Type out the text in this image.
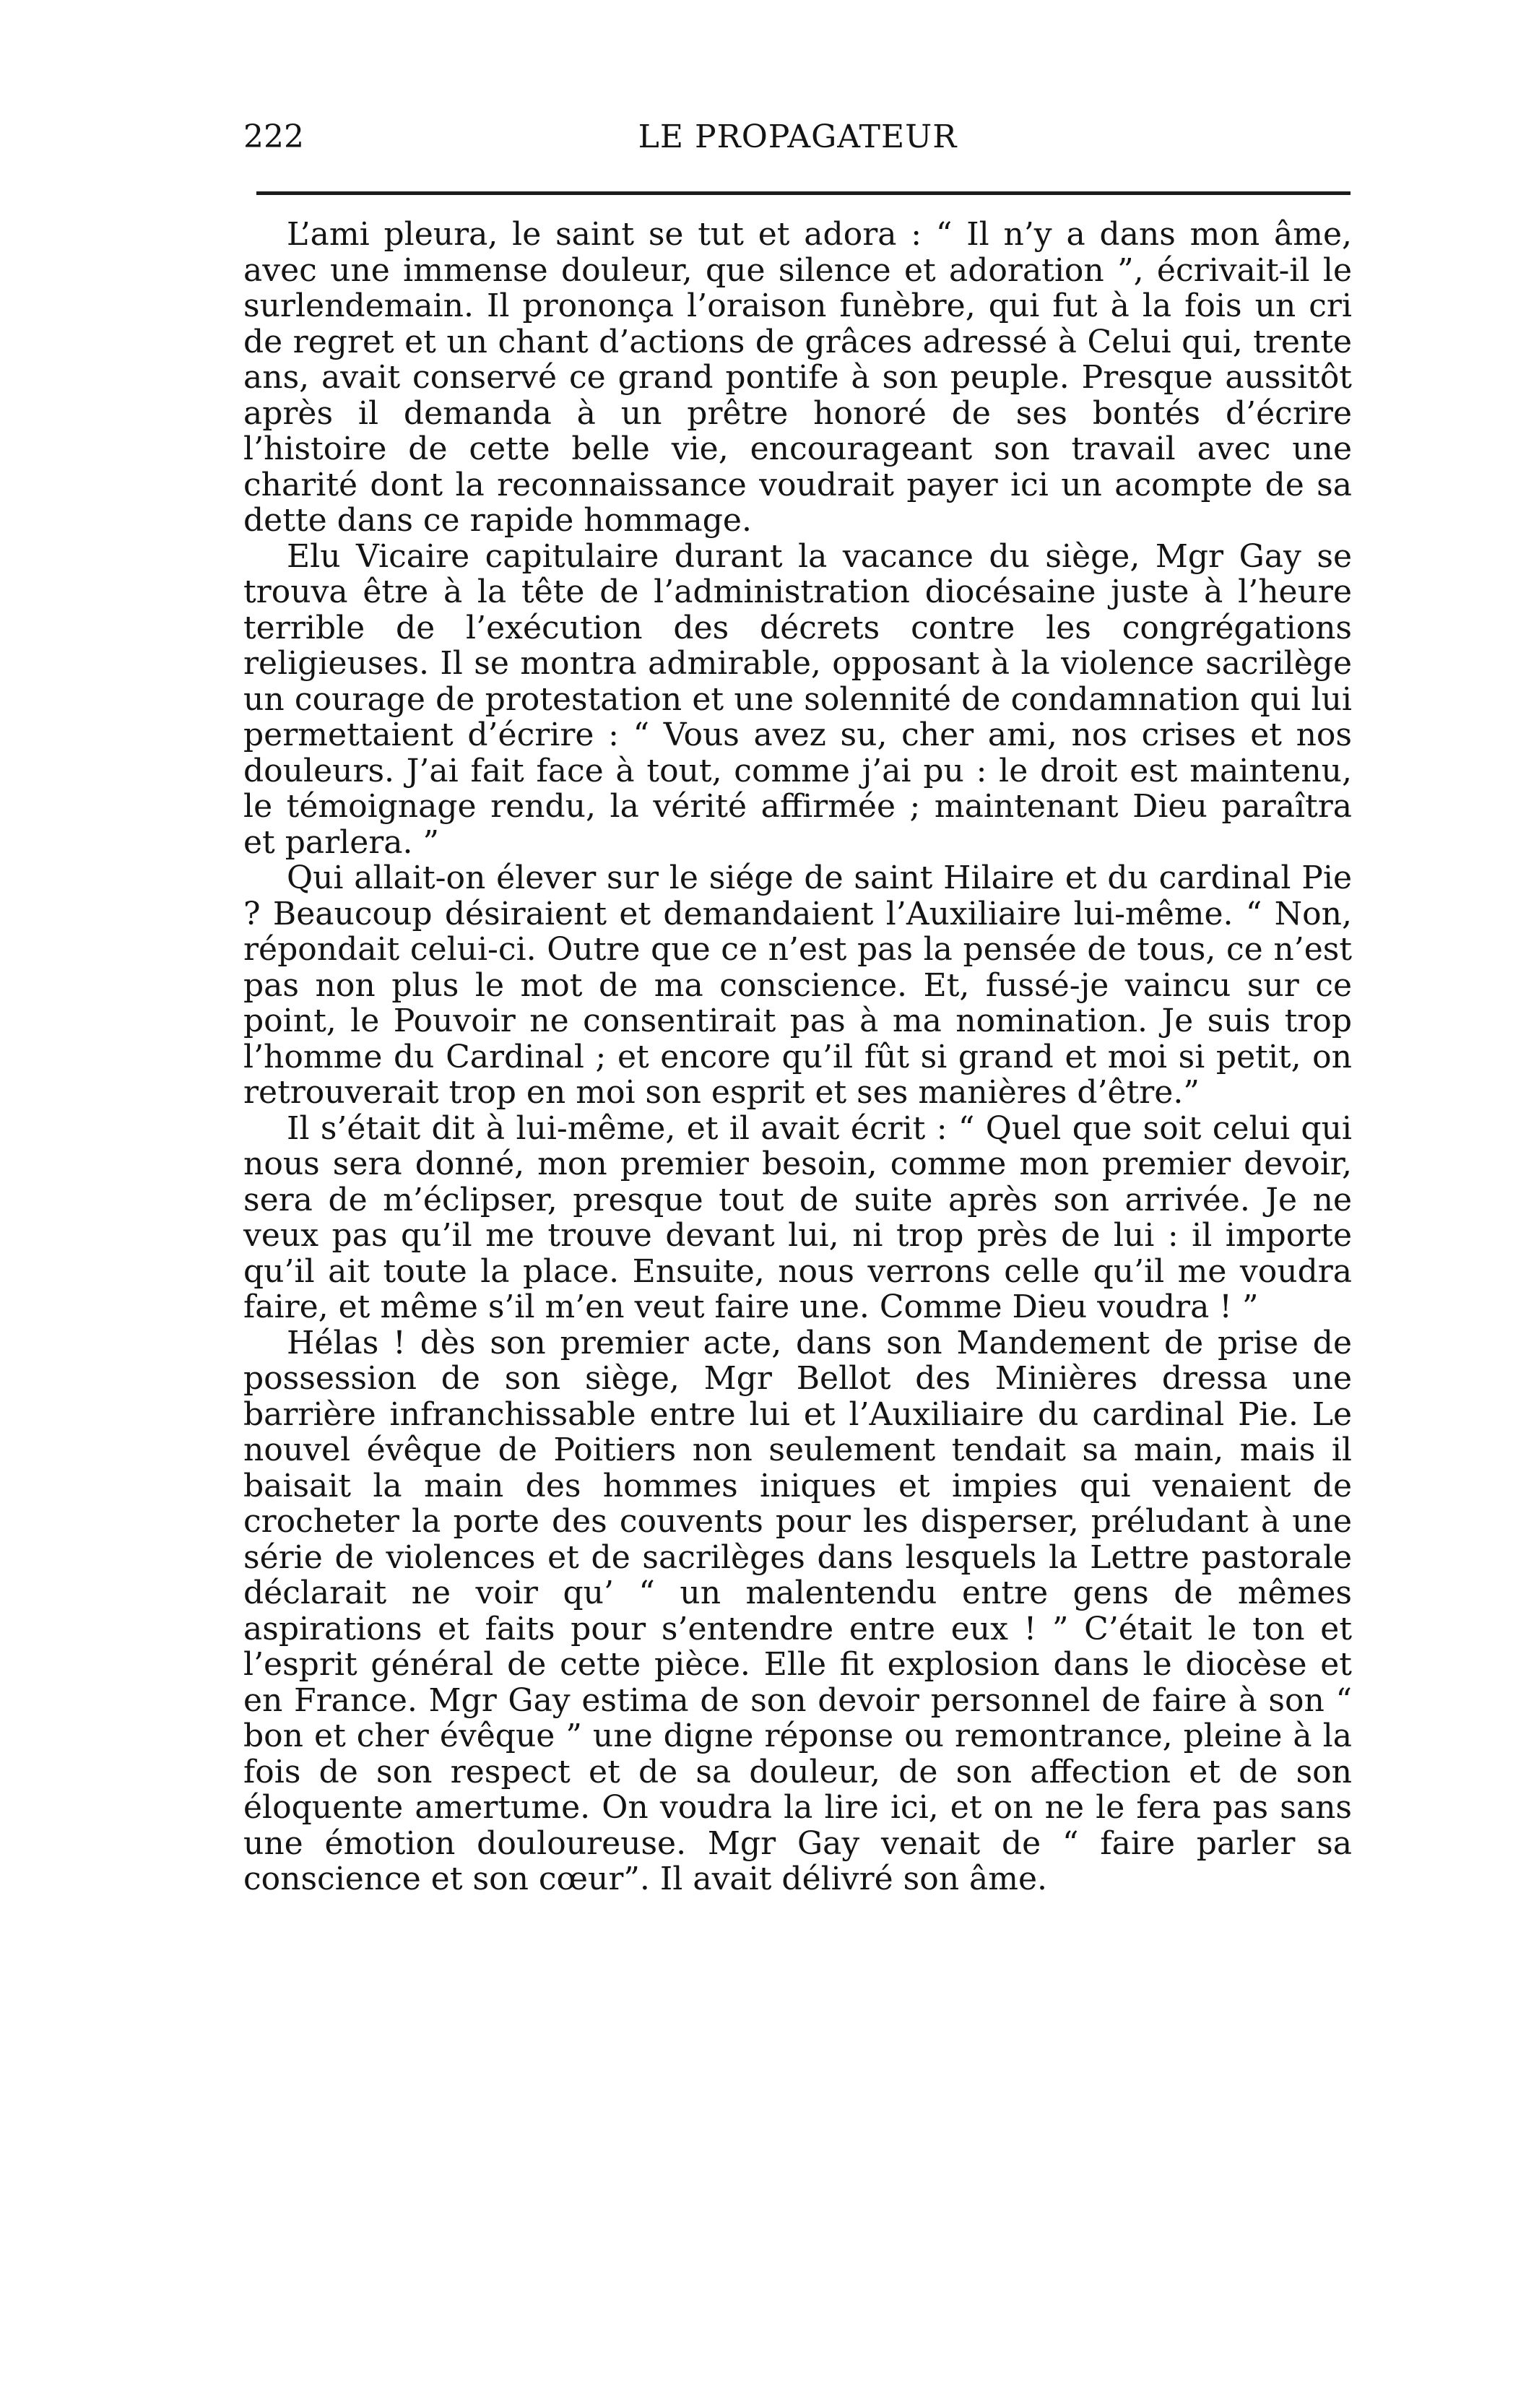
222	LE PROPAGATEUR

L’ami pleura, le saint se tut et adora : “ Il n’y a dans mon âme, avec une immense douleur, que silence et adoration ”, écrivait-il le surlendemain. Il prononça l’oraison funèbre, qui fut à la fois un cri de regret et un chant d’actions de grâces adressé à Celui qui, trente ans, avait conservé ce grand pontife à son peuple. Presque aussitôt après il demanda à un prêtre honoré de ses bontés d’écrire l’histoire de cette belle vie, encourageant son travail avec une charité dont la reconnaissance voudrait payer ici un acompte de sa dette dans ce rapide hommage.

Elu Vicaire capitulaire durant la vacance du siège, Mgr Gay se trouva être à la tête de l’administration diocésaine juste à l’heure terrible de l’exécution des décrets contre les congrégations religieuses. Il se montra admirable, opposant à la violence sacrilège un courage de protestation et une solennité de condamnation qui lui permettaient d’écrire : “ Vous avez su, cher ami, nos crises et nos douleurs. J’ai fait face à tout, comme j’ai pu : le droit est maintenu, le témoignage rendu, la vérité affirmée ; maintenant Dieu paraîtra et parlera. ”

Qui allait-on élever sur le siége de saint Hilaire et du cardinal Pie ? Beaucoup désiraient et demandaient l’Auxiliaire lui-même. “ Non, répondait celui-ci. Outre que ce n’est pas la pensée de tous, ce n’est pas non plus le mot de ma conscience. Et, fussé-je vaincu sur ce point, le Pouvoir ne consentirait pas à ma nomination. Je suis trop l’homme du Cardinal ; et encore qu’il fût si grand et moi si petit, on retrouverait trop en moi son esprit et ses manières d’être.”

Il s’était dit à lui-même, et il avait écrit : “ Quel que soit celui qui nous sera donné, mon premier besoin, comme mon premier devoir, sera de m’éclipser, presque tout de suite après son arrivée. Je ne veux pas qu’il me trouve devant lui, ni trop près de lui : il importe qu’il ait toute la place. Ensuite, nous verrons celle qu’il me voudra faire, et même s’il m’en veut faire une. Comme Dieu voudra ! ”

Hélas ! dès son premier acte, dans son Mandement de prise de possession de son siège, Mgr Bellot des Minières dressa une barrière infranchissable entre lui et l’Auxiliaire du cardinal Pie. Le nouvel évêque de Poitiers non seulement tendait sa main, mais il baisait la main des hommes iniques et impies qui venaient de crocheter la porte des couvents pour les disperser, préludant à une série de violences et de sacrilèges dans lesquels la Lettre pastorale déclarait ne voir qu’ “ un malentendu entre gens de mêmes aspirations et faits pour s’entendre entre eux ! ” C’était le ton et l’esprit général de cette pièce. Elle fit explosion dans le diocèse et en France. Mgr Gay estima de son devoir personnel de faire à son “ bon et cher évêque ” une digne réponse ou remontrance, pleine à la fois de son respect et de sa douleur, de son affection et de son éloquente amertume. On voudra la lire ici, et on ne le fera pas sans une émotion douloureuse. Mgr Gay venait de “ faire parler sa conscience et son cœur”. Il avait délivré son âme.
